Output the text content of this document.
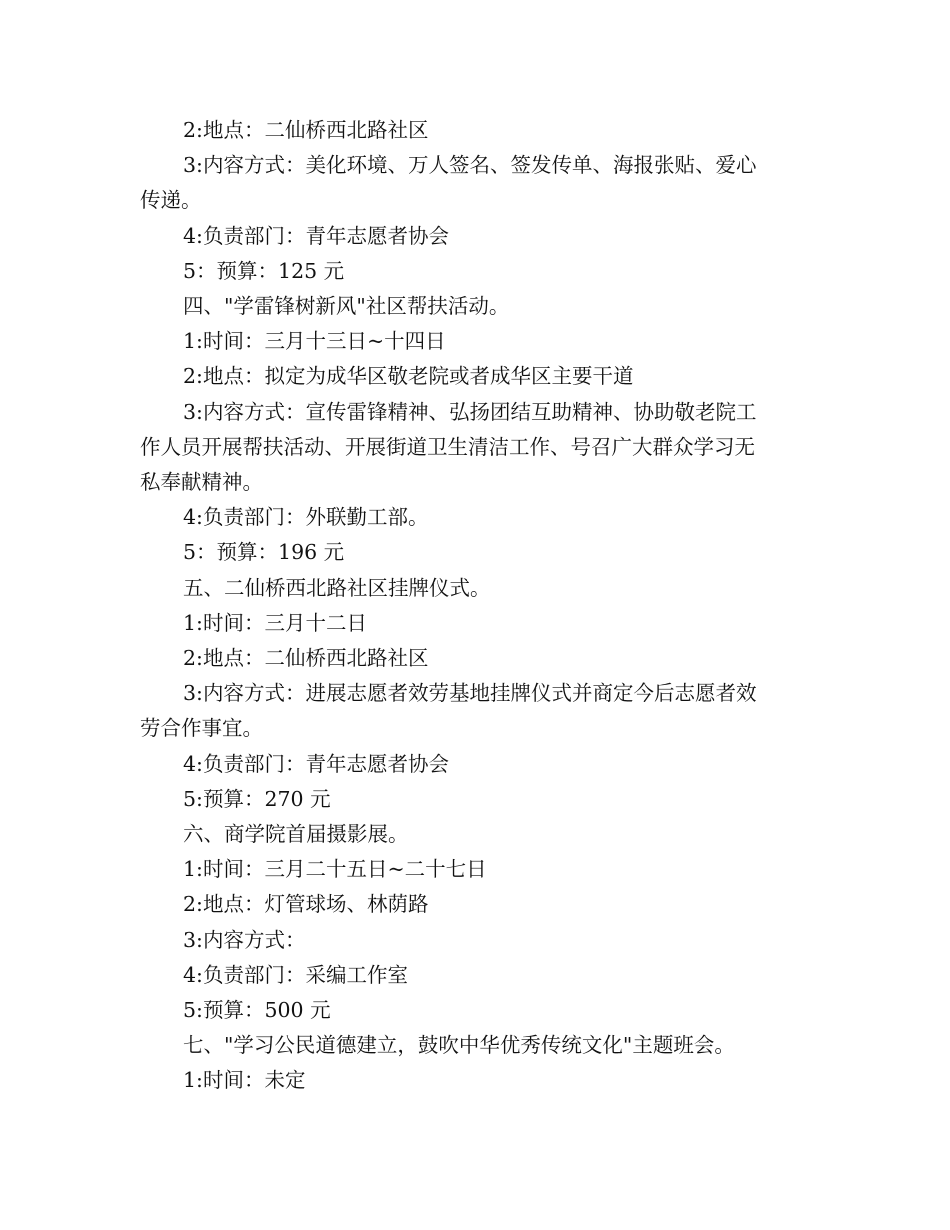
2:地点：二仙桥西北路社区

3:内容方式：美化环境、万人签名、签发传单、海报张贴、爱心

传递。

4:负责部门：青年志愿者协会

5：预算：125 元

四、"学雷锋树新风"社区帮扶活动。

1:时间：三月十三日~十四日

2:地点：拟定为成华区敬老院或者成华区主要干道

3:内容方式：宣传雷锋精神、弘扬团结互助精神、协助敬老院工

作人员开展帮扶活动、开展街道卫生清洁工作、号召广大群众学习无

私奉献精神。

4:负责部门：外联勤工部。

5：预算：196 元

五、二仙桥西北路社区挂牌仪式。

1:时间：三月十二日

2:地点：二仙桥西北路社区

3:内容方式：进展志愿者效劳基地挂牌仪式并商定今后志愿者效

劳合作事宜。

4:负责部门：青年志愿者协会

5:预算：270 元

六、商学院首届摄影展。

1:时间：三月二十五日~二十七日

2:地点：灯管球场、林荫路

3:内容方式：

4:负责部门：采编工作室

5:预算：500 元

七、"学习公民道德建立，鼓吹中华优秀传统文化"主题班会。

1:时间：未定
